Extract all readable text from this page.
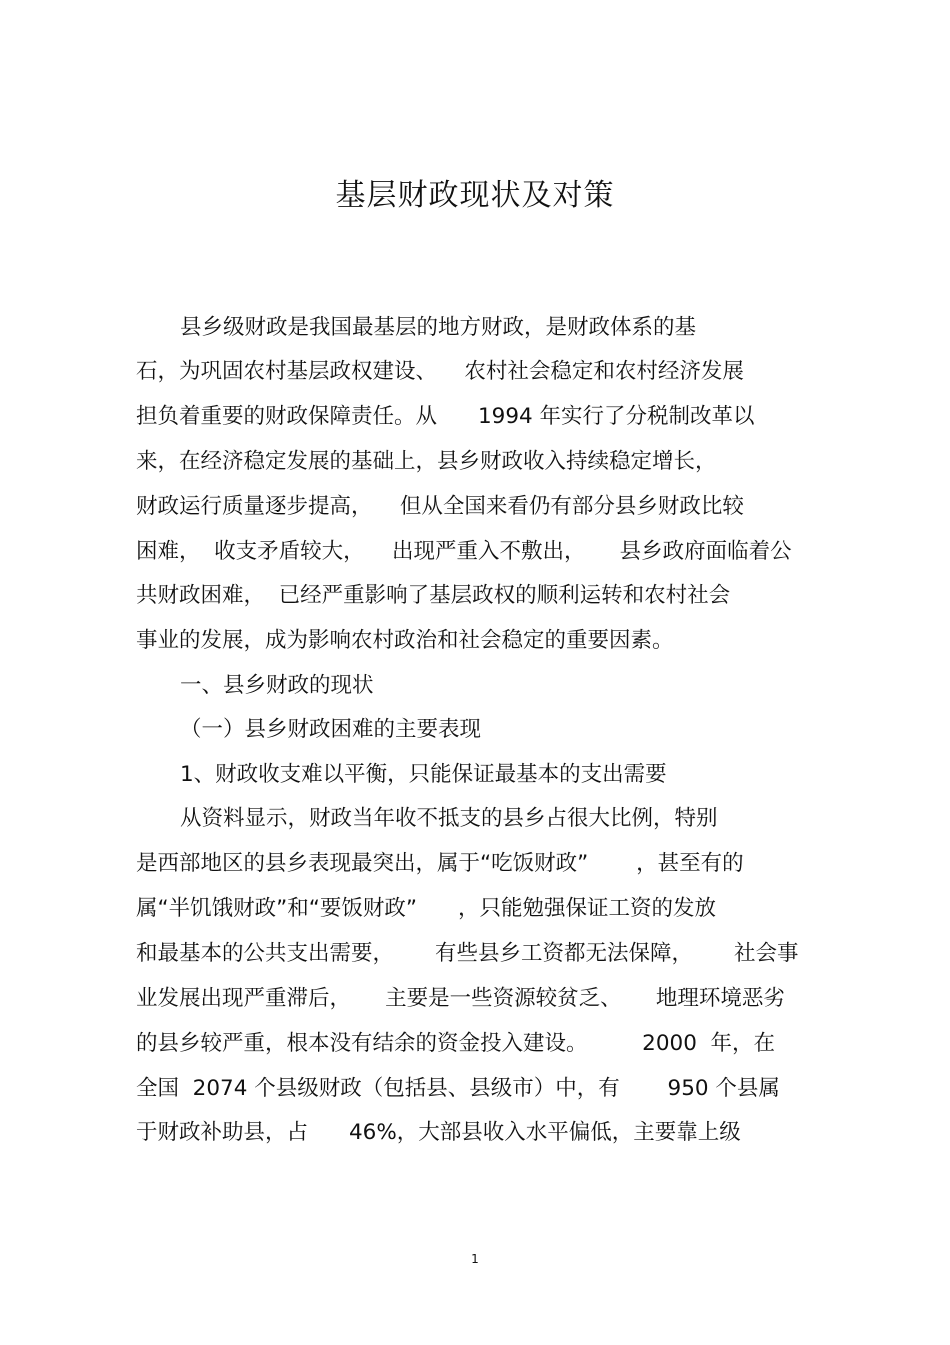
基层财政现状及对策
县乡级财政是我国最基层的地方财政，是财政体系的基
石，为巩固农村基层政权建设、    农村社会稳定和农村经济发展
担负着重要的财政保障责任。从      1994 年实行了分税制改革以
来，在经济稳定发展的基础上，县乡财政收入持续稳定增长，
财政运行质量逐步提高，    但从全国来看仍有部分县乡财政比较
困难，  收支矛盾较大，    出现严重入不敷出，     县乡政府面临着公
共财政困难，  已经严重影响了基层政权的顺利运转和农村社会
事业的发展，成为影响农村政治和社会稳定的重要因素。
一、县乡财政的现状
（一）县乡财政困难的主要表现
1、财政收支难以平衡，只能保证最基本的支出需要
从资料显示，财政当年收不抵支的县乡占很大比例，特别
是西部地区的县乡表现最突出，属于“吃饭财政”       ，甚至有的
属“半饥饿财政”和“要饭财政”      ，只能勉强保证工资的发放
和最基本的公共支出需要，      有些县乡工资都无法保障，      社会事
业发展出现严重滞后，     主要是一些资源较贫乏、     地理环境恶劣
的县乡较严重，根本没有结余的资金投入建设。        2000  年，在
全国  2074 个县级财政（包括县、县级市）中，有       950 个县属
于财政补助县，占      46%，大部县收入水平偏低，主要靠上级
1
